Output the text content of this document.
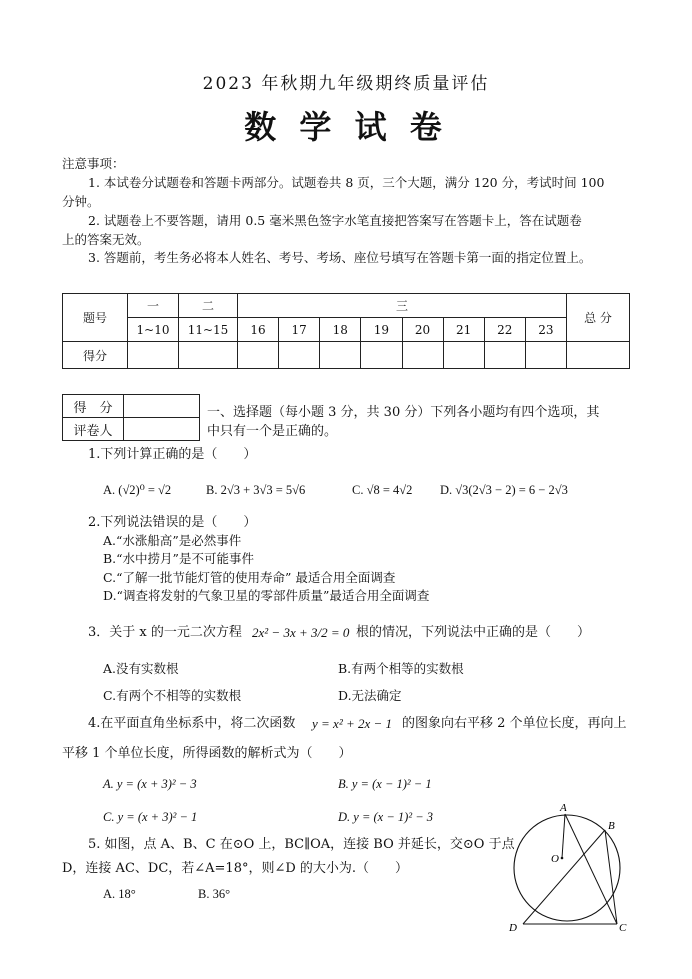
2023 年秋期九年级期终质量评估
数 学 试 卷
注意事项：
1. 本试卷分试题卷和答题卡两部分。试题卷共 8 页，三个大题，满分 120 分，考试时间 100
分钟。
2. 试题卷上不要答题，请用 0.5 毫米黑色签字水笔直接把答案写在答题卡上，答在试题卷
上的答案无效。
3. 答题前，考生务必将本人姓名、考号、考场、座位号填写在答题卡第一面的指定位置上。
题号	一	二	三								总 分
	1~10	11~15	16	17	18	19	20	21	22	23	
得分											
得　分	
评卷人	
一、选择题（每小题 3 分，共 30 分）下列各小题均有四个选项，其
中只有一个是正确的。
1.下列计算正确的是（　　）
A. (√2)⁰ = √2	B. 2√3 + 3√3 = 5√6	C. √8 = 4√2 D. √3(2√3 − 2) = 6 − 2√3
2.下列说法错误的是（　　）
A.“水涨船高”是必然事件
B.“水中捞月”是不可能事件
C.“了解一批节能灯管的使用寿命” 最适合用全面调查
D.“调查将发射的气象卫星的零部件质量”最适合用全面调查
3．关于 x 的一元二次方程 2x² − 3x + 3/2 = 0 根的情况，下列说法中正确的是（　　）
A.没有实数根	B.有两个相等的实数根
C.有两个不相等的实数根	D.无法确定
4.在平面直角坐标系中，将二次函数 y = x² + 2x − 1 的图象向右平移 2 个单位长度，再向上
平移 1 个单位长度，所得函数的解析式为（　　）
A. y = (x + 3)² − 3	B. y = (x − 1)² − 1
C. y = (x + 3)² − 1	D. y = (x − 1)² − 3
5. 如图，点 A、B、C 在⊙O 上，BC∥OA，连接 BO 并延长，交⊙O 于点
D，连接 AC、DC，若∠A=18°，则∠D 的大小为.（　　）
A. 18°	B. 36°
A
B
C
D
O
